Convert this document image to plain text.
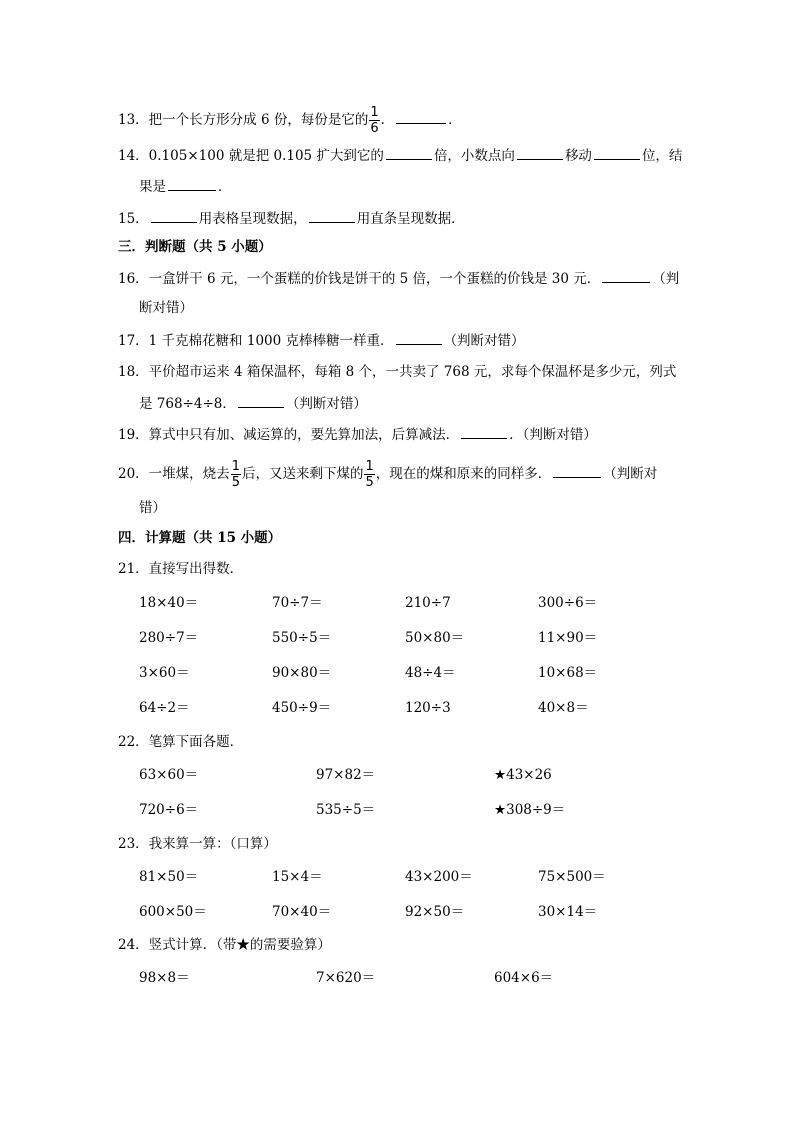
13．把一个长方形分成 6 份，每份是它的 $\frac{1}{6}$ ．	．
14．0.105×100 就是把 0.105 扩大到它的	倍，小数点向	移动	位，结
果是	．
15．	用表格呈现数据，	用直条呈现数据．
三．判断题（共 5 小题）
16．一盒饼干 6 元，一个蛋糕的价钱是饼干的 5 倍，一个蛋糕的价钱是 30 元．	（判
断对错）
17．1 千克棉花糖和 1000 克棒棒糖一样重．	（判断对错）
18．平价超市运来 4 箱保温杯，每箱 8 个，一共卖了 768 元，求每个保温杯是多少元，列式
是 768÷4÷8．	（判断对错）
19．算式中只有加、减运算的，要先算加法，后算减法．	．（判断对错）
20．一堆煤，烧去 $\frac{1}{5}$ 后，又送来剩下煤的 $\frac{1}{5}$ ，现在的煤和原来的同样多．	（判断对
错）
四．计算题（共 15 小题）
21．直接写出得数．
18×40＝	70÷7＝	210÷7	300÷6＝
280÷7＝	550÷5＝	50×80＝	11×90＝
3×60＝	90×80＝	48÷4＝	10×68＝
64÷2＝	450÷9＝	120÷3	40×8＝
22．笔算下面各题．
63×60＝	97×82＝	★43×26
720÷6＝	535÷5＝	★308÷9＝
23．我来算一算：（口算）
81×50＝	15×4＝	43×200＝	75×500＝
600×50＝	70×40＝	92×50＝	30×14＝
24．竖式计算．（带★的需要验算）
98×8＝	7×620＝	604×6＝
